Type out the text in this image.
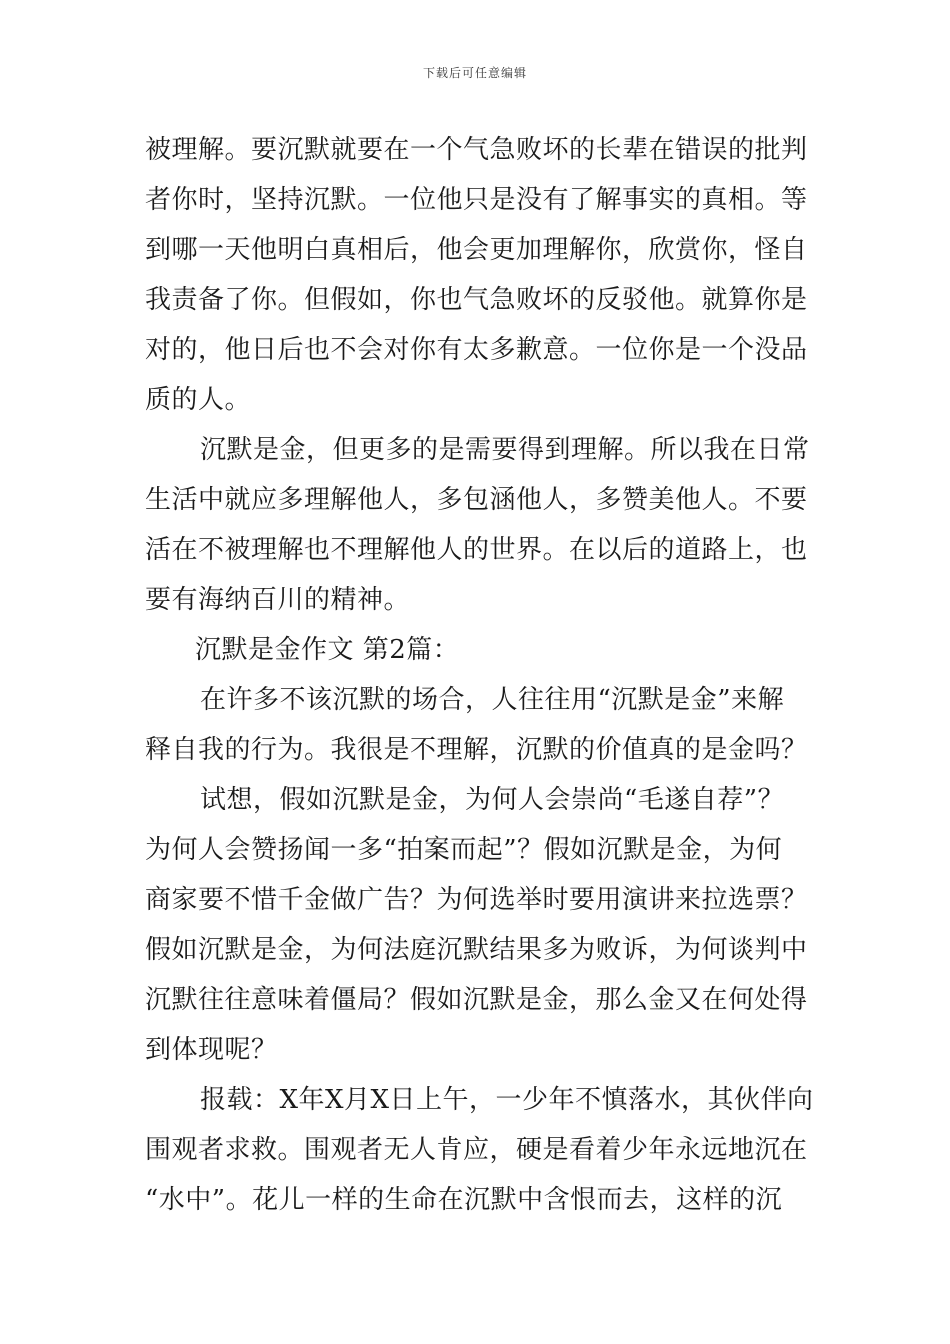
下载后可任意编辑
被理解。要沉默就要在一个气急败坏的长辈在错误的批判
者你时，坚持沉默。一位他只是没有了解事实的真相。等
到哪一天他明白真相后，他会更加理解你，欣赏你，怪自
我责备了你。但假如，你也气急败坏的反驳他。就算你是
对的，他日后也不会对你有太多歉意。一位你是一个没品
质的人。
沉默是金，但更多的是需要得到理解。所以我在日常
生活中就应多理解他人，多包涵他人，多赞美他人。不要
活在不被理解也不理解他人的世界。在以后的道路上，也
要有海纳百川的精神。
沉默是金作文 第2篇：
在许多不该沉默的场合，人往往用“沉默是金”来解
释自我的行为。我很是不理解，沉默的价值真的是金吗？
试想，假如沉默是金，为何人会崇尚“毛遂自荐”？
为何人会赞扬闻一多“拍案而起”？假如沉默是金，为何
商家要不惜千金做广告？为何选举时要用演讲来拉选票？
假如沉默是金，为何法庭沉默结果多为败诉，为何谈判中
沉默往往意味着僵局？假如沉默是金，那么金又在何处得
到体现呢？
报载：X年X月X日上午，一少年不慎落水，其伙伴向
围观者求救。围观者无人肯应，硬是看着少年永远地沉在
“水中”。花儿一样的生命在沉默中含恨而去，这样的沉
